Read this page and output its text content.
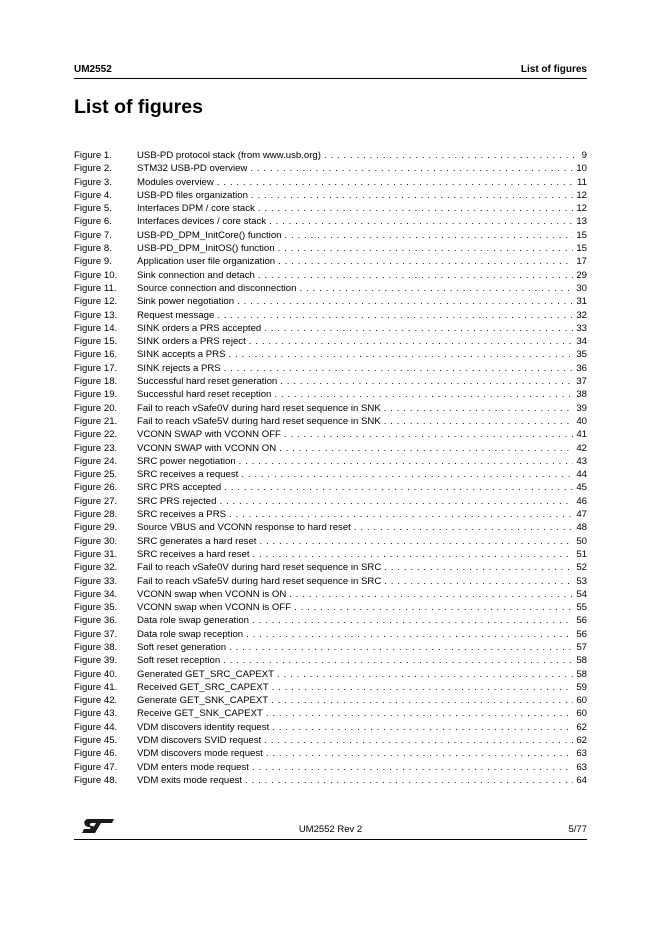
UM2552	List of figures
List of figures
Figure 1.	USB-PD protocol stack (from www.usb.org) . . .	9
Figure 2.	STM32 USB-PD overview . . .	10
Figure 3.	Modules overview . . .	11
Figure 4.	USB-PD files organization . . .	12
Figure 5.	Interfaces DPM / core stack . . .	12
Figure 6.	Interfaces devices / core stack . . .	13
Figure 7.	USB-PD_DPM_InitCore() function . . .	15
Figure 8.	USB-PD_DPM_InitOS() function . . .	15
Figure 9.	Application user file organization . . .	17
Figure 10.	Sink connection and detach . . .	29
Figure 11.	Source connection and disconnection . . .	30
Figure 12.	Sink power negotiation . . .	31
Figure 13.	Request message . . .	32
Figure 14.	SINK orders a PRS accepted . . .	33
Figure 15.	SINK orders a PRS reject . . .	34
Figure 16.	SINK accepts a PRS . . .	35
Figure 17.	SINK rejects a PRS . . .	36
Figure 18.	Successful hard reset generation . . .	37
Figure 19.	Successful hard reset reception . . .	38
Figure 20.	Fail to reach vSafe0V during hard reset sequence in SNK . . .	39
Figure 21.	Fail to reach vSafe5V during hard reset sequence in SNK . . .	40
Figure 22.	VCONN SWAP with VCONN OFF . . .	41
Figure 23.	VCONN SWAP with VCONN ON . . .	42
Figure 24.	SRC power negotiation . . .	43
Figure 25.	SRC receives a request . . .	44
Figure 26.	SRC PRS accepted . . .	45
Figure 27.	SRC PRS rejected . . .	46
Figure 28.	SRC receives a PRS . . .	47
Figure 29.	Source VBUS and VCONN response to hard reset . . .	48
Figure 30.	SRC generates a hard reset . . .	50
Figure 31.	SRC receives a hard reset . . .	51
Figure 32.	Fail to reach vSafe0V during hard reset sequence in SRC . . .	52
Figure 33.	Fail to reach vSafe5V during hard reset sequence in SRC . . .	53
Figure 34.	VCONN swap when VCONN is ON . . .	54
Figure 35.	VCONN swap when VCONN is OFF . . .	55
Figure 36.	Data role swap generation . . .	56
Figure 37.	Data role swap reception . . .	56
Figure 38.	Soft reset generation . . .	57
Figure 39.	Soft reset reception . . .	58
Figure 40.	Generated GET_SRC_CAPEXT . . .	58
Figure 41.	Received GET_SRC_CAPEXT . . .	59
Figure 42.	Generate GET_SNK_CAPEXT . . .	60
Figure 43.	Receive GET_SNK_CAPEXT . . .	60
Figure 44.	VDM discovers identity request . . .	62
Figure 45.	VDM discovers SVID request . . .	62
Figure 46.	VDM discovers mode request . . .	63
Figure 47.	VDM enters mode request . . .	63
Figure 48.	VDM exits mode request . . .	64
UM2552 Rev 2	5/77
